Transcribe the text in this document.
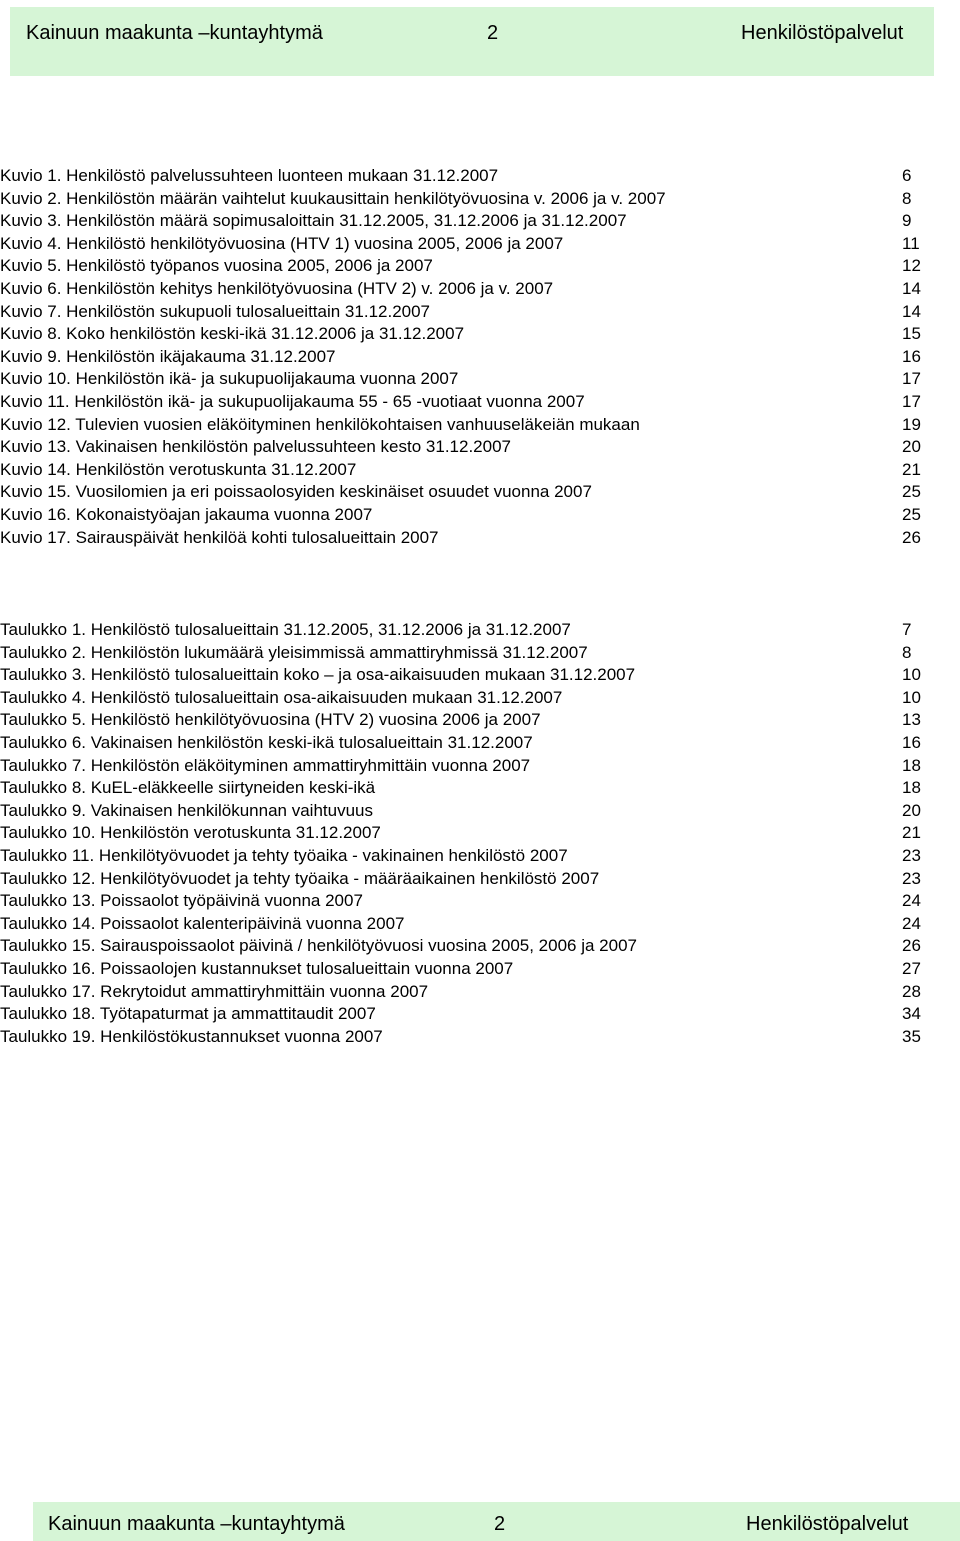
Kainuun maakunta –kuntayhtymä	2	Henkilöstöpalvelut
Kuvio 1. Henkilöstö palvelussuhteen luonteen mukaan 31.12.2007	6
Kuvio 2. Henkilöstön määrän vaihtelut kuukausittain henkilötyövuosina v. 2006 ja v. 2007	8
Kuvio 3. Henkilöstön määrä sopimusaloittain 31.12.2005, 31.12.2006 ja 31.12.2007	9
Kuvio 4. Henkilöstö henkilötyövuosina (HTV 1) vuosina 2005, 2006 ja 2007	11
Kuvio 5. Henkilöstö työpanos vuosina 2005, 2006 ja 2007	12
Kuvio 6. Henkilöstön kehitys henkilötyövuosina (HTV 2) v. 2006 ja v. 2007	14
Kuvio 7. Henkilöstön sukupuoli tulosalueittain 31.12.2007	14
Kuvio 8. Koko henkilöstön keski-ikä 31.12.2006 ja 31.12.2007	15
Kuvio 9. Henkilöstön ikäjakauma 31.12.2007	16
Kuvio 10. Henkilöstön ikä- ja sukupuolijakauma vuonna 2007	17
Kuvio 11. Henkilöstön ikä- ja sukupuolijakauma 55 - 65 -vuotiaat vuonna 2007	17
Kuvio 12. Tulevien vuosien eläköityminen henkilökohtaisen vanhuuseläkeiän mukaan	19
Kuvio 13. Vakinaisen henkilöstön palvelussuhteen kesto 31.12.2007	20
Kuvio 14. Henkilöstön verotuskunta 31.12.2007	21
Kuvio 15. Vuosilomien ja eri poissaolosyiden keskinäiset osuudet vuonna 2007	25
Kuvio 16. Kokonaistyöajan jakauma vuonna 2007	25
Kuvio 17. Sairauspäivät henkilöä kohti tulosalueittain 2007	26
Taulukko 1. Henkilöstö tulosalueittain 31.12.2005, 31.12.2006 ja 31.12.2007	7
Taulukko 2. Henkilöstön lukumäärä yleisimmissä ammattiryhmissä 31.12.2007	8
Taulukko 3. Henkilöstö tulosalueittain koko – ja osa-aikaisuuden mukaan 31.12.2007	10
Taulukko 4. Henkilöstö tulosalueittain osa-aikaisuuden mukaan 31.12.2007	10
Taulukko 5. Henkilöstö henkilötyövuosina (HTV 2) vuosina 2006 ja 2007	13
Taulukko 6. Vakinaisen henkilöstön keski-ikä tulosalueittain 31.12.2007	16
Taulukko 7. Henkilöstön eläköityminen ammattiryhmittäin vuonna 2007	18
Taulukko 8. KuEL-eläkkeelle siirtyneiden keski-ikä	18
Taulukko 9. Vakinaisen henkilökunnan vaihtuvuus	20
Taulukko 10. Henkilöstön verotuskunta 31.12.2007	21
Taulukko 11. Henkilötyövuodet ja tehty työaika - vakinainen henkilöstö 2007	23
Taulukko 12. Henkilötyövuodet ja tehty työaika - määräaikainen henkilöstö 2007	23
Taulukko 13. Poissaolot työpäivinä vuonna 2007	24
Taulukko 14. Poissaolot kalenteripäivinä vuonna 2007	24
Taulukko 15. Sairauspoissaolot päivinä / henkilötyövuosi vuosina 2005, 2006 ja 2007	26
Taulukko 16. Poissaolojen kustannukset tulosalueittain vuonna 2007	27
Taulukko 17. Rekrytoidut ammattiryhmittäin vuonna 2007	28
Taulukko 18. Työtapaturmat ja ammattitaudit 2007	34
Taulukko 19. Henkilöstökustannukset vuonna 2007	35
Kainuun maakunta –kuntayhtymä	2	Henkilöstöpalvelut
